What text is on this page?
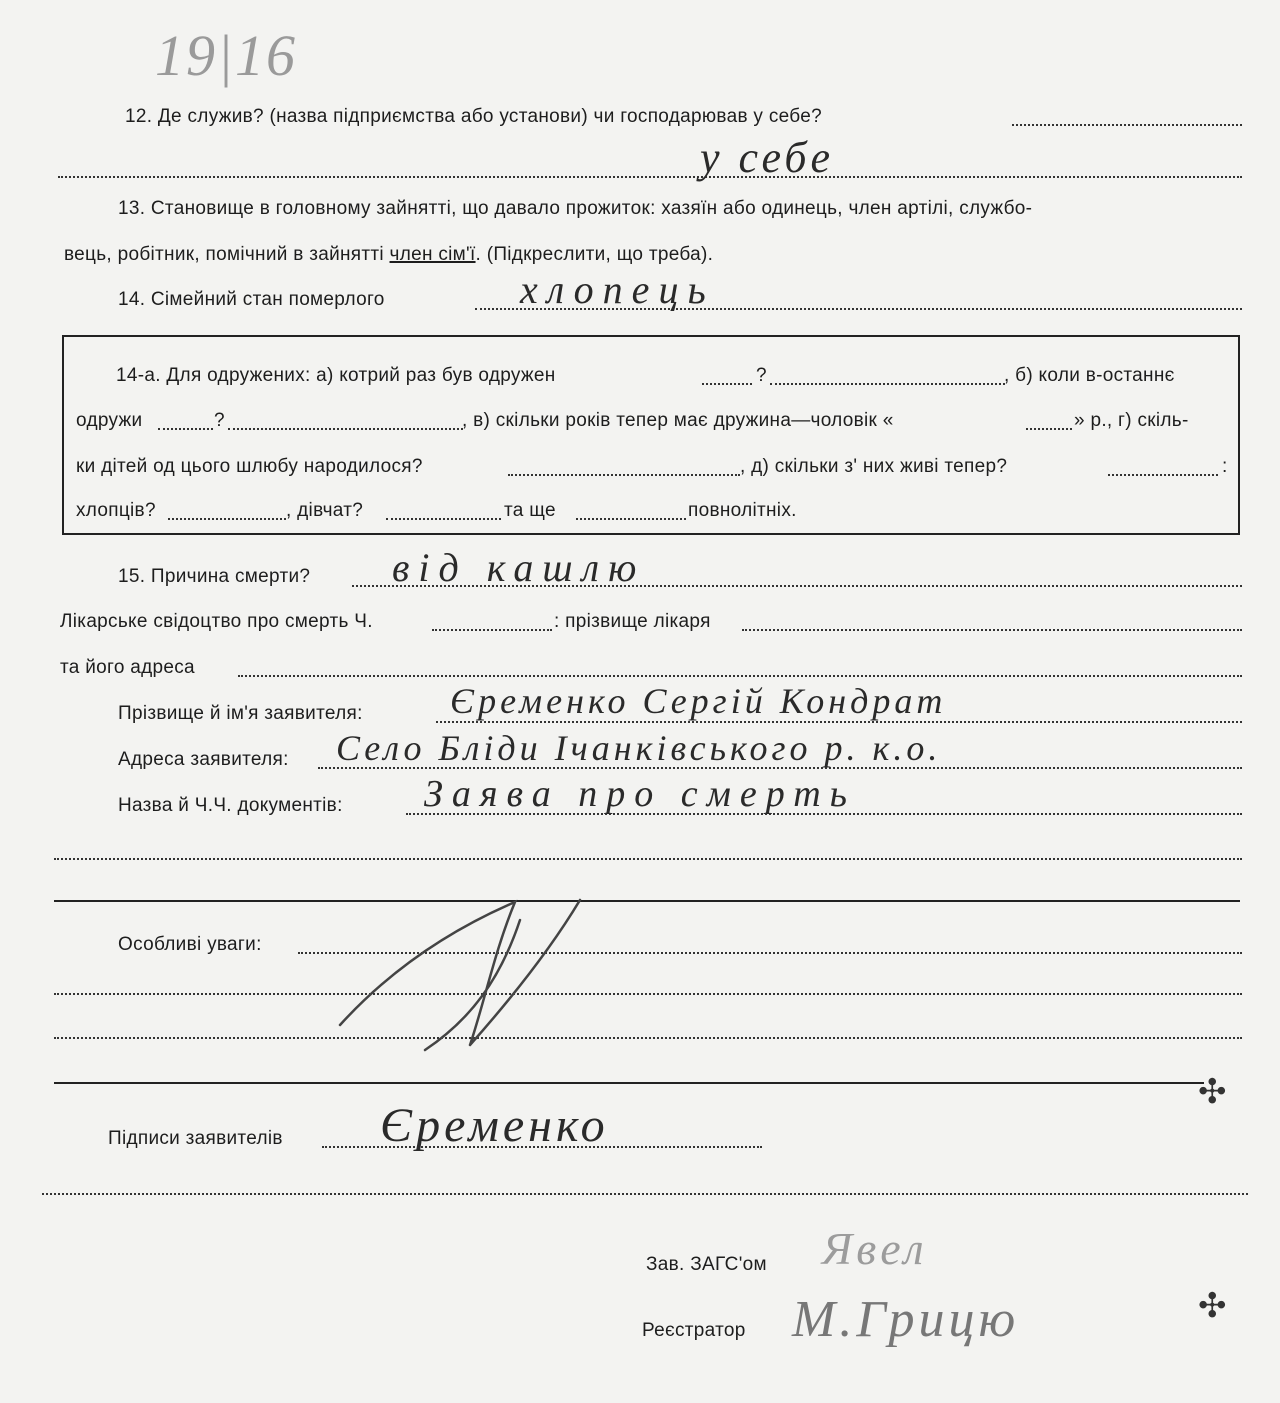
19|16
12. Де служив? (назва підприємства або установи) чи господарював у себе?
у себе
13. Становище в головному зайнятті, що давало прожиток: хазяїн або одинець, член артілі, службо-
вець, робітник, помічний в зайнятті член сім'ї. (Підкреслити, що треба).
14. Сімейний стан померлого	хлопець
14-а. Для одружених: а) котрий раз був одружен	?	, б) коли в-останнє
одружи	?	, в) скільки років тепер має дружина—чоловік «	» р., г) скіль-
ки дітей од цього шлюбу народилося?	, д) скільки з' них живі тепер?	:
хлопців?	, дівчат?	та ще	повнолітніх.
15. Причина смерти? від кашлю
Лікарське свідоцтво про смерть Ч.	: прізвище лікаря
та його адреса
Прізвище й ім'я заявителя: Єременко Сергій Кондрат
Адреса заявителя: Село Бліди Ічанківського р. к.о.
Назва й Ч.Ч. документів: Заява про смерть
Особливі уваги:
✣
Підписи заявителів Єременко
Зав. ЗАГС'ом Явел
Реєстратор М.Грицю	✣
